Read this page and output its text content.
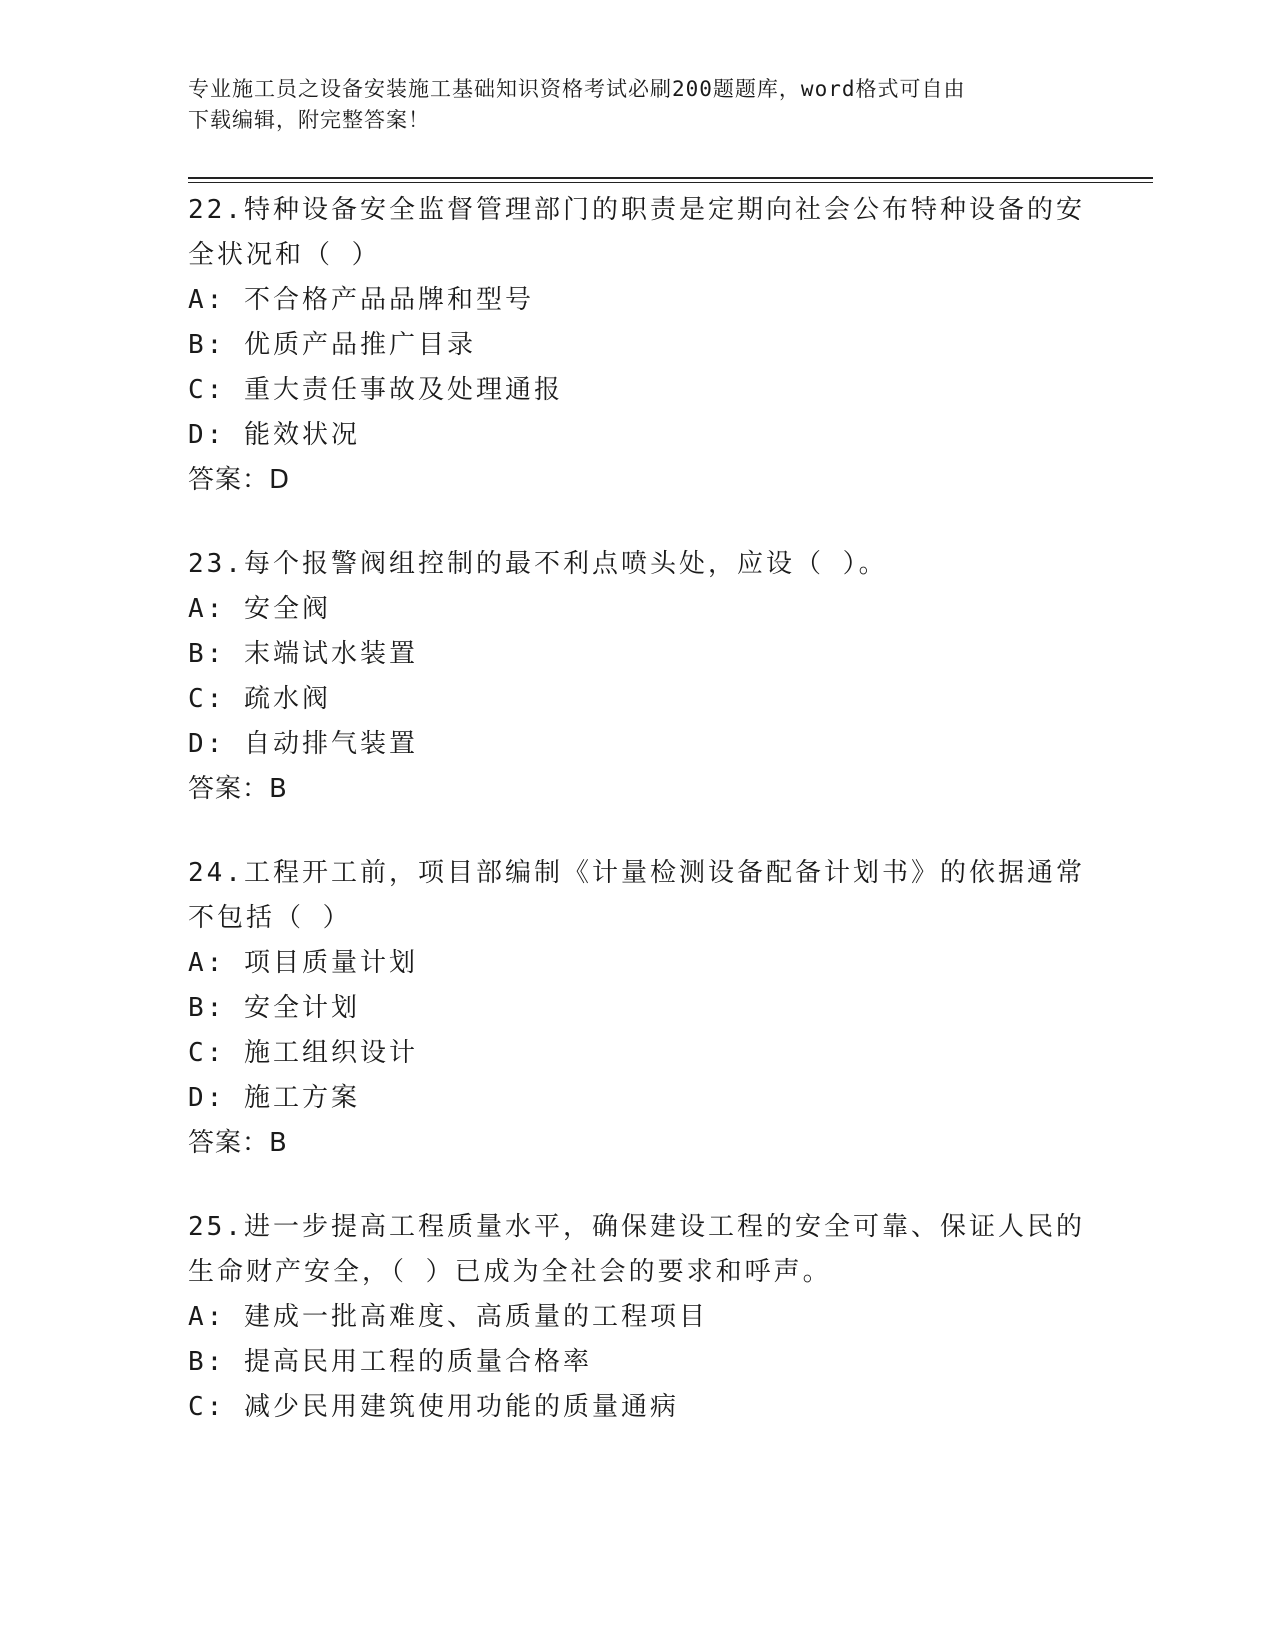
专业施工员之设备安装施工基础知识资格考试必刷200题题库，word格式可自由
下载编辑，附完整答案！
22.特种设备安全监督管理部门的职责是定期向社会公布特种设备的安全状况和（ ）
A: 不合格产品品牌和型号
B: 优质产品推广目录
C: 重大责任事故及处理通报
D: 能效状况
答案：D
23.每个报警阀组控制的最不利点喷头处，应设（ ）。
A: 安全阀
B: 末端试水装置
C: 疏水阀
D: 自动排气装置
答案：B
24.工程开工前，项目部编制《计量检测设备配备计划书》的依据通常不包括（ ）
A: 项目质量计划
B: 安全计划
C: 施工组织设计
D: 施工方案
答案：B
25.进一步提高工程质量水平，确保建设工程的安全可靠、保证人民的生命财产安全，（ ）已成为全社会的要求和呼声。
A: 建成一批高难度、高质量的工程项目
B: 提高民用工程的质量合格率
C: 减少民用建筑使用功能的质量通病
